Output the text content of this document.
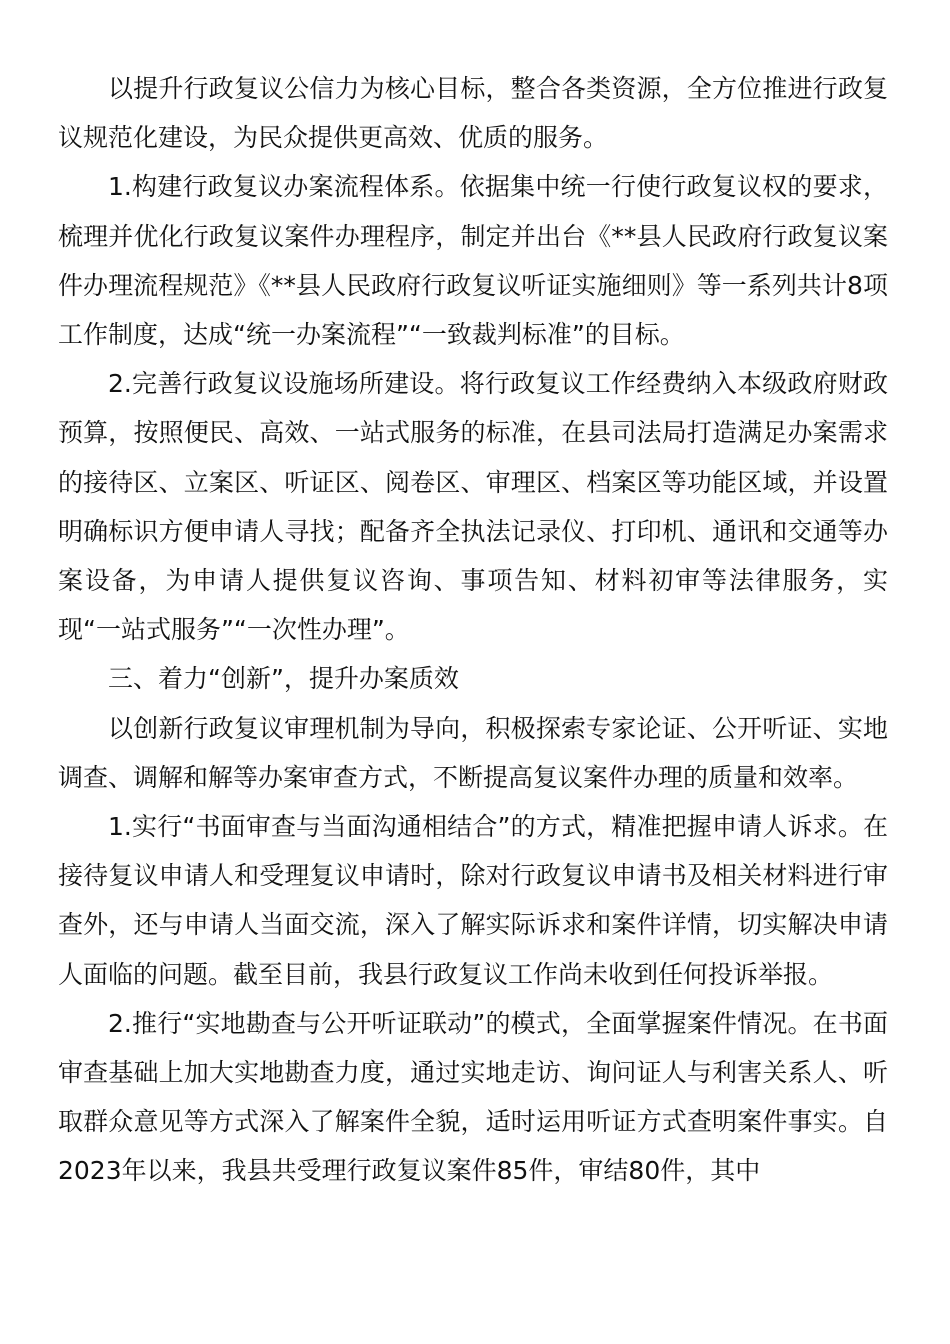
以提升行政复议公信力为核心目标，整合各类资源，全方位推进行政复议规范化建设，为民众提供更高效、优质的服务。

1.构建行政复议办案流程体系。依据集中统一行使行政复议权的要求，梳理并优化行政复议案件办理程序，制定并出台《**县人民政府行政复议案件办理流程规范》《**县人民政府行政复议听证实施细则》等一系列共计8项工作制度，达成“统一办案流程”“一致裁判标准”的目标。

2.完善行政复议设施场所建设。将行政复议工作经费纳入本级政府财政预算，按照便民、高效、一站式服务的标准，在县司法局打造满足办案需求的接待区、立案区、听证区、阅卷区、审理区、档案区等功能区域，并设置明确标识方便申请人寻找；配备齐全执法记录仪、打印机、通讯和交通等办案设备，为申请人提供复议咨询、事项告知、材料初审等法律服务，实现“一站式服务”“一次性办理”。

三、着力“创新”，提升办案质效

以创新行政复议审理机制为导向，积极探索专家论证、公开听证、实地调查、调解和解等办案审查方式，不断提高复议案件办理的质量和效率。

1.实行“书面审查与当面沟通相结合”的方式，精准把握申请人诉求。在接待复议申请人和受理复议申请时，除对行政复议申请书及相关材料进行审查外，还与申请人当面交流，深入了解实际诉求和案件详情，切实解决申请人面临的问题。截至目前，我县行政复议工作尚未收到任何投诉举报。

2.推行“实地勘查与公开听证联动”的模式，全面掌握案件情况。在书面审查基础上加大实地勘查力度，通过实地走访、询问证人与利害关系人、听取群众意见等方式深入了解案件全貌，适时运用听证方式查明案件事实。自2023年以来，我县共受理行政复议案件85件，审结80件，其中
